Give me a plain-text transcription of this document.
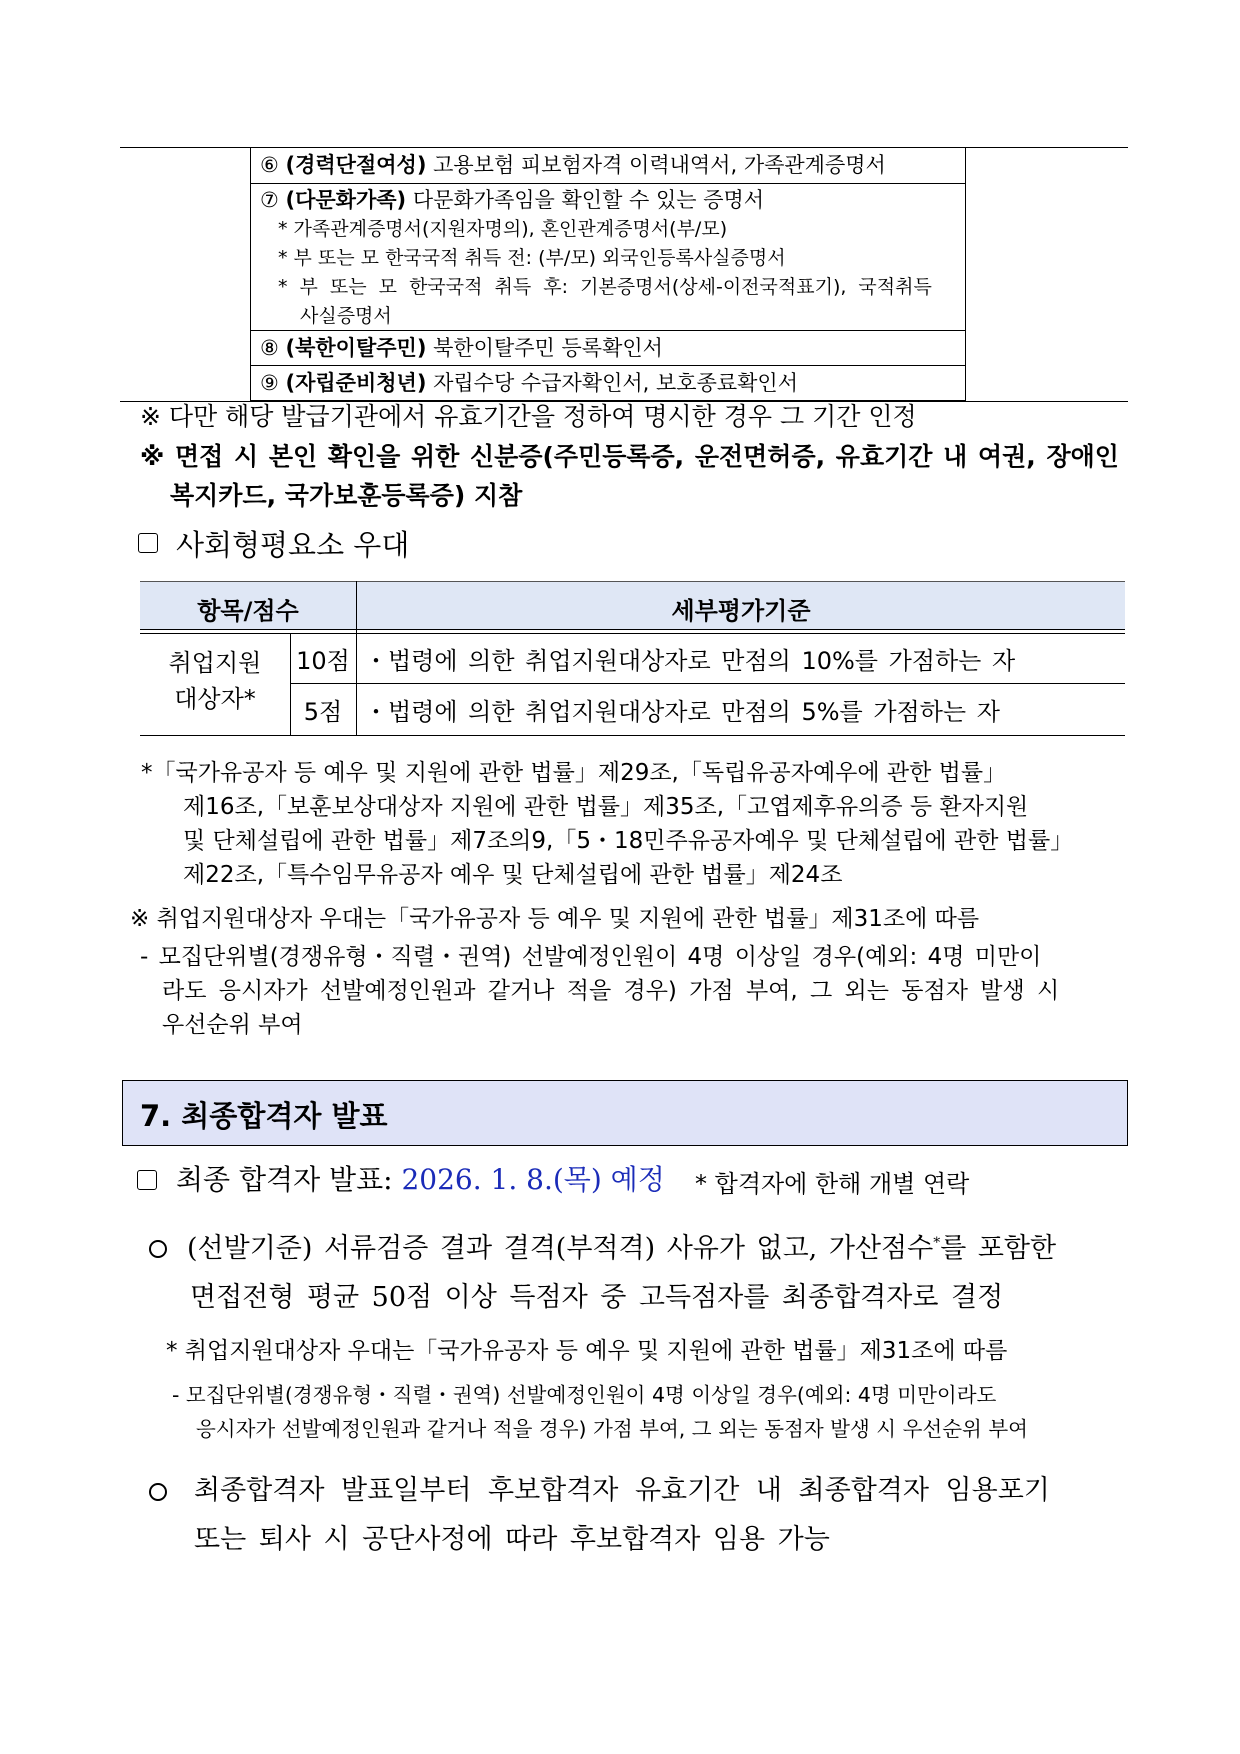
⑥ (경력단절여성) 고용보험 피보험자격 이력내역서, 가족관계증명서
⑦ (다문화가족) 다문화가족임을 확인할 수 있는 증명서
* 가족관계증명서(지원자명의), 혼인관계증명서(부/모)
* 부 또는 모 한국국적 취득 전: (부/모) 외국인등록사실증명서
* 부 또는 모 한국국적 취득 후: 기본증명서(상세-이전국적표기), 국적취득
사실증명서
⑧ (북한이탈주민) 북한이탈주민 등록확인서
⑨ (자립준비청년) 자립수당 수급자확인서, 보호종료확인서
※ 다만 해당 발급기관에서 유효기간을 정하여 명시한 경우 그 기간 인정
※ 면접 시 본인 확인을 위한 신분증(주민등록증, 운전면허증, 유효기간 내 여권, 장애인
복지카드, 국가보훈등록증) 지참
사회형평요소 우대
항목/점수	세부평가기준
취업지원
대상자*
10점 ・법령에 의한 취업지원대상자로 만점의 10%를 가점하는 자
5점 ・법령에 의한 취업지원대상자로 만점의 5%를 가점하는 자
*「국가유공자 등 예우 및 지원에 관한 법률」제29조,「독립유공자예우에 관한 법률」
제16조,「보훈보상대상자 지원에 관한 법률」제35조,「고엽제후유의증 등 환자지원
및 단체설립에 관한 법률」제7조의9,「5・18민주유공자예우 및 단체설립에 관한 법률」
제22조,「특수임무유공자 예우 및 단체설립에 관한 법률」제24조
※ 취업지원대상자 우대는「국가유공자 등 예우 및 지원에 관한 법률」제31조에 따름
- 모집단위별(경쟁유형・직렬・권역) 선발예정인원이 4명 이상일 경우(예외: 4명 미만이
라도 응시자가 선발예정인원과 같거나 적을 경우) 가점 부여, 그 외는 동점자 발생 시
우선순위 부여
7. 최종합격자 발표
최종 합격자 발표: 2026. 1. 8.(목) 예정 * 합격자에 한해 개별 연락
(선발기준) 서류검증 결과 결격(부적격) 사유가 없고, 가산점수*를 포함한
면접전형 평균 50점 이상 득점자 중 고득점자를 최종합격자로 결정
* 취업지원대상자 우대는「국가유공자 등 예우 및 지원에 관한 법률」제31조에 따름
- 모집단위별(경쟁유형・직렬・권역) 선발예정인원이 4명 이상일 경우(예외: 4명 미만이라도
응시자가 선발예정인원과 같거나 적을 경우) 가점 부여, 그 외는 동점자 발생 시 우선순위 부여
최종합격자 발표일부터 후보합격자 유효기간 내 최종합격자 임용포기
또는 퇴사 시 공단사정에 따라 후보합격자 임용 가능
